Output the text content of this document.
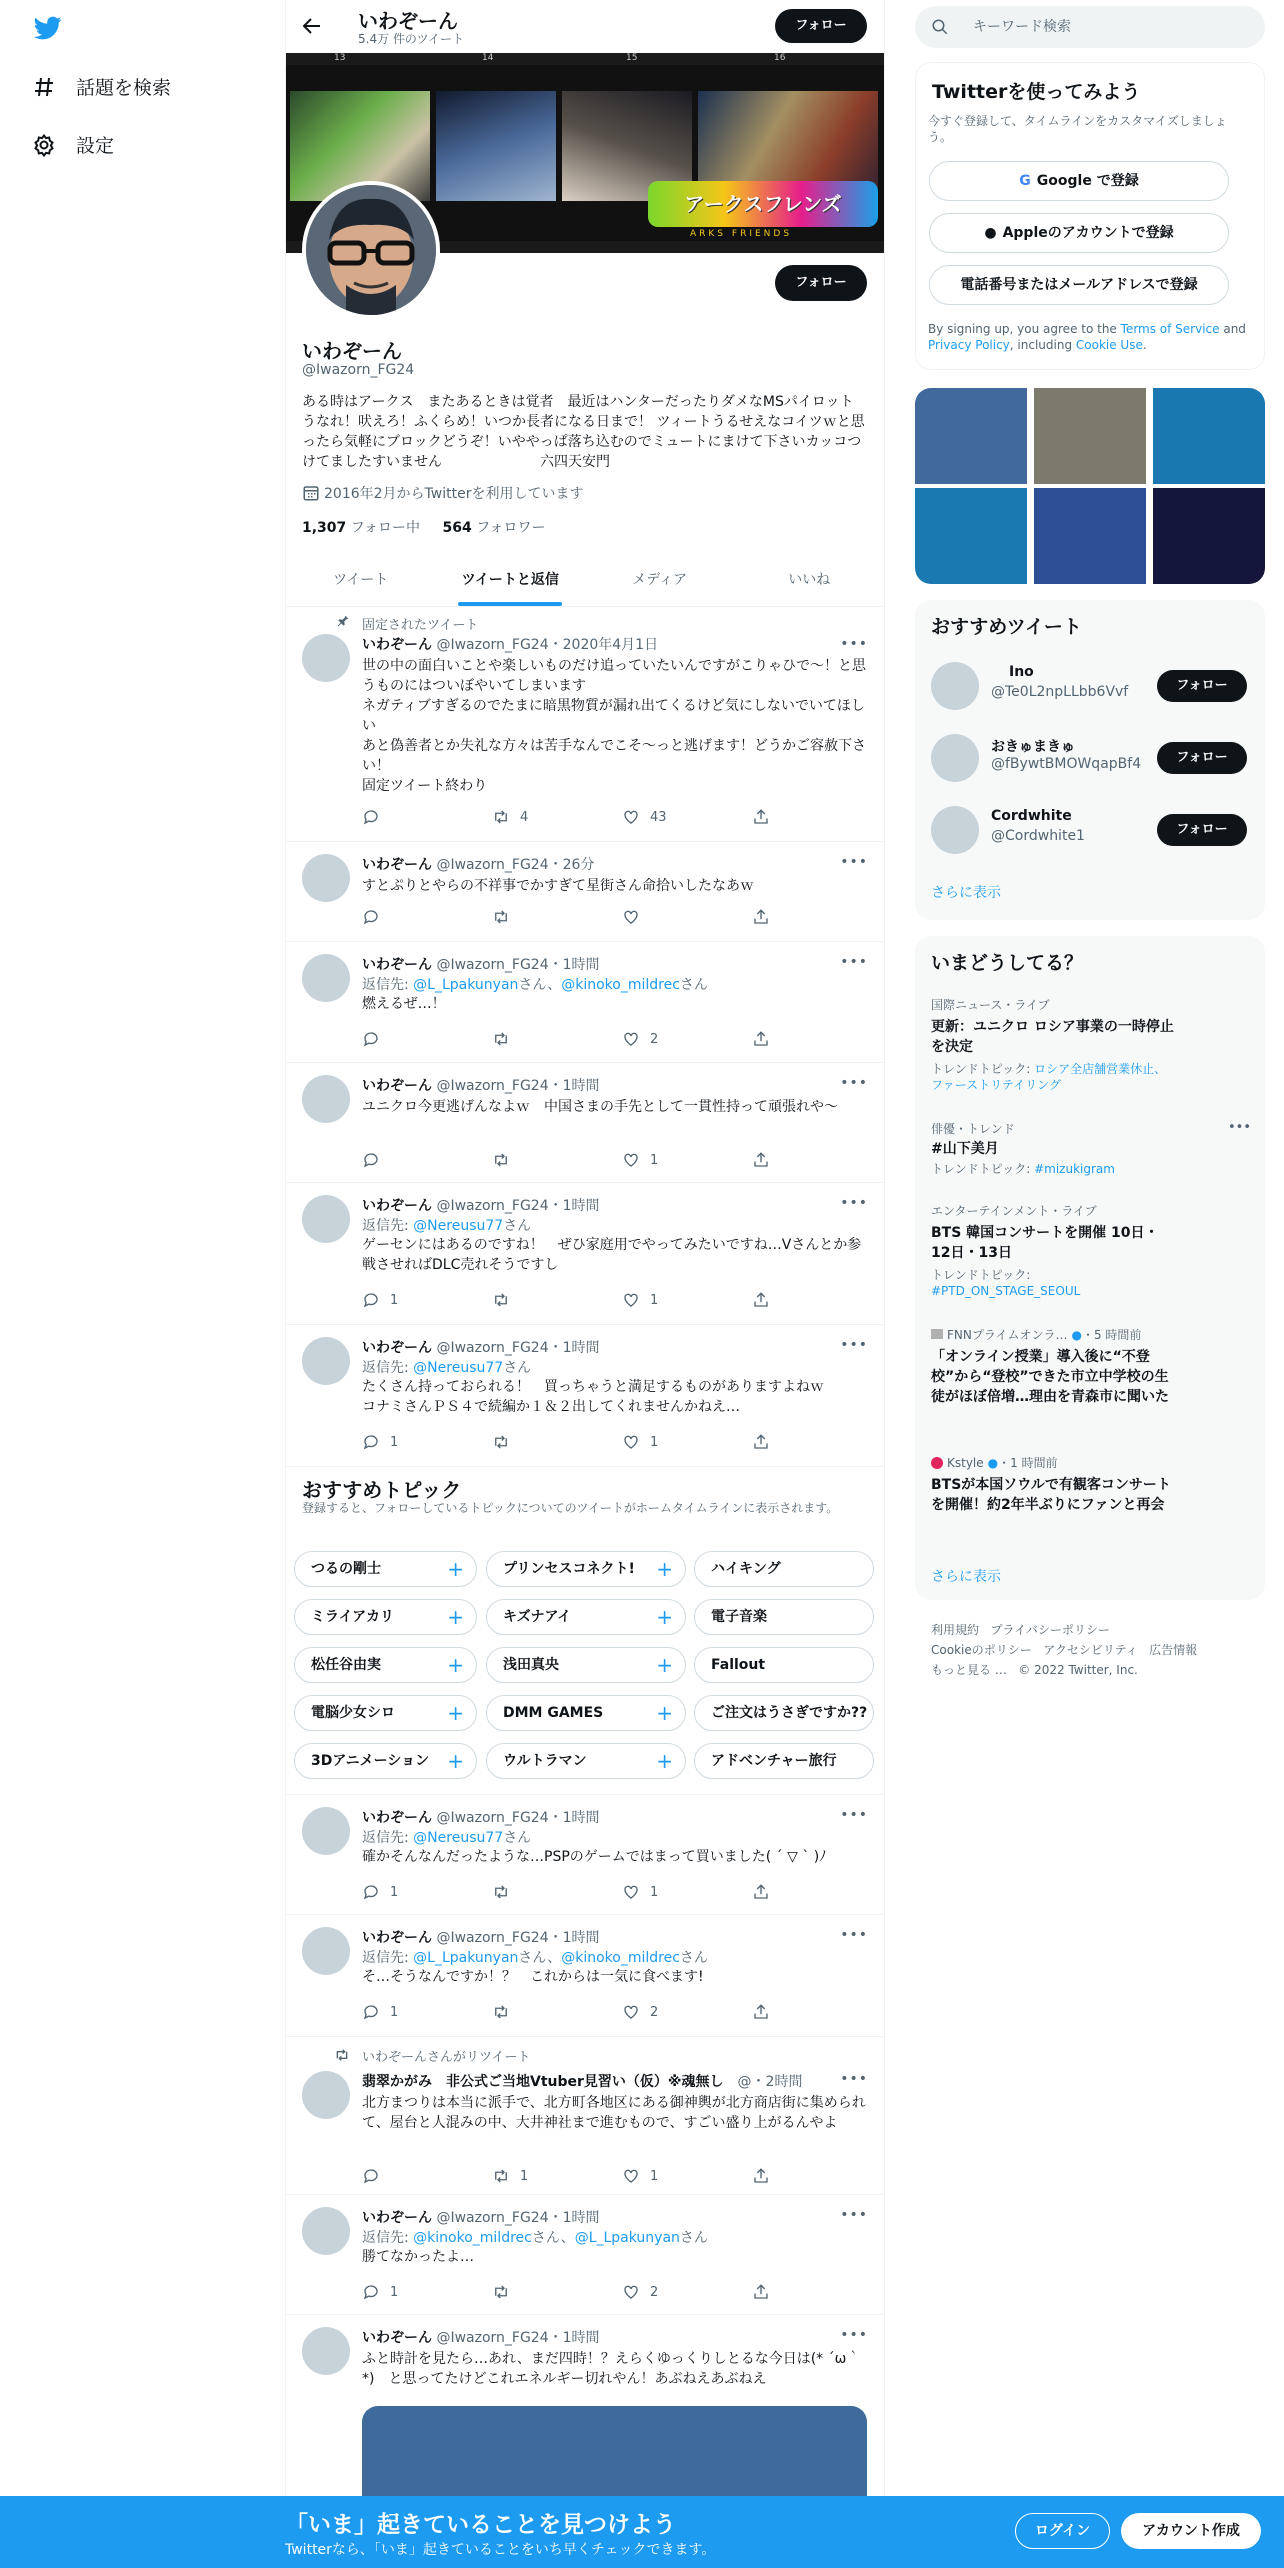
話題を検索
設定
いわぞーん
5.4万 件のツイート
フォロー
13	14	15	16
アークスフレンズ
ARKS FRIENDS
フォロー
いわぞーん
@Iwazorn_FG24
ある時はアークス　またあるときは覚者　最近はハンターだったりダメなMSパイロット　うなれ！吠えろ！ふくらめ！いつか長者になる日まで！ ツィートうるせえなコイツｗと思ったら気軽にブロックどうぞ！いややっぱ落ち込むのでミュートにまけて下さいカッコつけてましたすいません　　　　　　　六四天安門
2016年2月からTwitterを利用しています
1,307 フォロー中 564 フォロワー
ツイート	ツイートと返信	メディア	いいね
固定されたツイート
いわぞーん @Iwazorn_FG24・2020年4月1日
世の中の面白いことや楽しいものだけ追っていたいんですがこりゃひで～！と思うものにはついぼやいてしまいます
ネガティブすぎるのでたまに暗黒物質が漏れ出てくるけど気にしないでいてほしい
あと偽善者とか失礼な方々は苦手なんでこそ～っと逃げます！どうかご容赦下さい！
固定ツイート終わり
•••
4	43
いわぞーん @Iwazorn_FG24・26分
すとぷりとやらの不祥事でかすぎて星街さん命拾いしたなあｗ
•••
いわぞーん @Iwazorn_FG24・1時間
返信先: @L_Lpakunyanさん、@kinoko_mildrecさん
燃えるぜ…！
•••
2
いわぞーん @Iwazorn_FG24・1時間
ユニクロ今更逃げんなよｗ　中国さまの手先として一貫性持って頑張れや～
•••
1
いわぞーん @Iwazorn_FG24・1時間
返信先: @Nereusu77さん
ゲーセンにはあるのですね！　ぜひ家庭用でやってみたいですね…Vさんとか参戦させればDLC売れそうですし
•••
1	1
いわぞーん @Iwazorn_FG24・1時間
返信先: @Nereusu77さん
たくさん持っておられる！　買っちゃうと満足するものがありますよねｗ
コナミさんＰＳ４で続編か１＆２出してくれませんかねえ…
•••
1	1
おすすめトピック
登録すると、フォローしているトピックについてのツイートがホームタイムラインに表示されます。
つるの剛士	+	プリンセスコネクト! +	ハイキング
ミライアカリ	+	キズナアイ	+	電子音楽
松任谷由実	+	浅田真央	+	Fallout
電脳少女シロ	+	DMM GAMES	+	ご注文はうさぎですか??
3Dアニメーション +	ウルトラマン	+	アドベンチャー旅行
いわぞーん @Iwazorn_FG24・1時間
返信先: @Nereusu77さん
確かそんなんだったような…PSPのゲームではまって買いました( ´ ▽ ` )ﾉ
•••
1	1
いわぞーん @Iwazorn_FG24・1時間
返信先: @L_Lpakunyanさん、@kinoko_mildrecさん
そ…そうなんですか！？　これからは一気に食べます!
•••
1	2
いわぞーんさんがリツイート
翡翠かがみ　非公式ご当地Vtuber見習い（仮）※魂無し @・2時間
北方まつりは本当に派手で、北方町各地区にある御神輿が北方商店街に集められて、屋台と人混みの中、大井神社まで進むもので、すごい盛り上がるんやよ
•••
1	1
いわぞーん @Iwazorn_FG24・1時間
返信先: @kinoko_mildrecさん、@L_Lpakunyanさん
勝てなかったよ…
•••
1	2
いわぞーん @Iwazorn_FG24・1時間
ふと時計を見たら…あれ、まだ四時！？えらくゆっくりしとるな今日は(* ´ω｀*)　と思ってたけどこれエネルギー切れやん！あぶねえあぶねえ
•••
キーワード検索
Twitterを使ってみよう
今すぐ登録して、タイムラインをカスタマイズしましょう。
G Google で登録
● Appleのアカウントで登録
電話番号またはメールアドレスで登録
By signing up, you agree to the Terms of Service and Privacy Policy, including Cookie Use.
おすすめツイート
Ino
@Te0L2npLLbb6Vvf	フォロー
おきゅまきゅ
@fBywtBMOWqapBf4	フォロー
Cordwhite
@Cordwhite1	フォロー
さらに表示
いまどうしてる？
国際ニュース・ライブ
更新：ユニクロ ロシア事業の一時停止を決定
トレンドトピック: ロシア全店舗営業休止、ファーストリテイリング
俳優・トレンド
#山下美月
トレンドトピック: #mizukigram
•••
エンターテインメント・ライブ
BTS 韓国コンサートを開催 10日・12日・13日
トレンドトピック: #PTD_ON_STAGE_SEOUL
FNNプライムオンラ… ●・5 時間前
「オンライン授業」導入後に“不登校”から“登校”できた市立中学校の生徒がほぼ倍増…理由を青森市に聞いた
Kstyle ●・1 時間前
BTSが本国ソウルで有観客コンサートを開催！約2年半ぶりにファンと再会
さらに表示
利用規約 プライバシーポリシー
Cookieのポリシー アクセシビリティ 広告情報
もっと見る … © 2022 Twitter, Inc.
「いま」起きていることを見つけよう
Twitterなら、「いま」起きていることをいち早くチェックできます。
ログイン	アカウント作成
